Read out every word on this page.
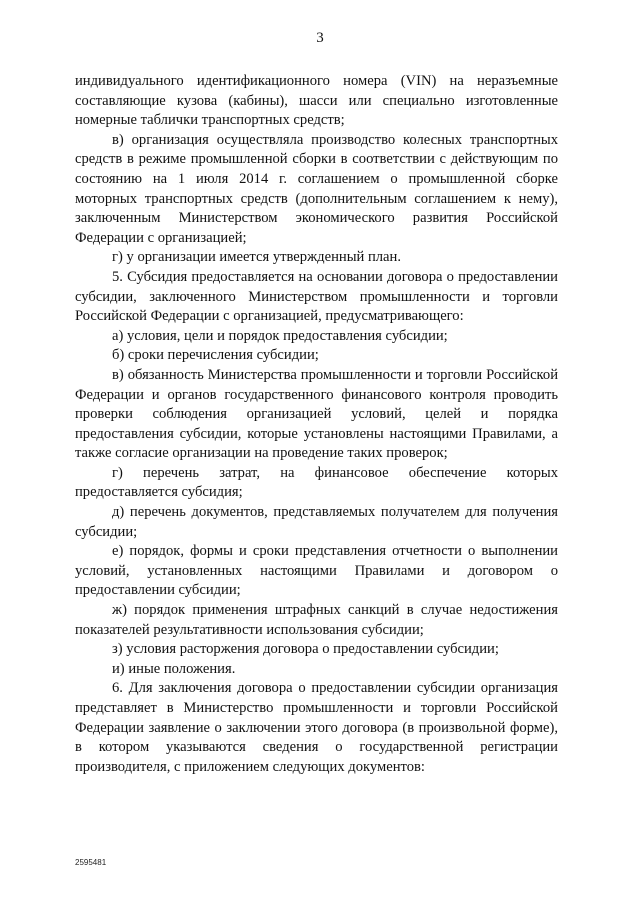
3

индивидуального идентификационного номера (VIN) на неразъемные составляющие кузова (кабины), шасси или специально изготовленные номерные таблички транспортных средств;

в) организация осуществляла производство колесных транспортных средств в режиме промышленной сборки в соответствии с действующим по состоянию на 1 июля 2014 г. соглашением о промышленной сборке моторных транспортных средств (дополнительным соглашением к нему), заключенным Министерством экономического развития Российской Федерации с организацией;

г) у организации имеется утвержденный план.

5. Субсидия предоставляется на основании договора о предоставлении субсидии, заключенного Министерством промышленности и торговли Российской Федерации с организацией, предусматривающего:

а) условия, цели и порядок предоставления субсидии;

б) сроки перечисления субсидии;

в) обязанность Министерства промышленности и торговли Российской Федерации и органов государственного финансового контроля проводить проверки соблюдения организацией условий, целей и порядка предоставления субсидии, которые установлены настоящими Правилами, а также согласие организации на проведение таких проверок;

г) перечень затрат, на финансовое обеспечение которых предоставляется субсидия;

д) перечень документов, представляемых получателем для получения субсидии;

е) порядок, формы и сроки представления отчетности о выполнении условий, установленных настоящими Правилами и договором о предоставлении субсидии;

ж) порядок применения штрафных санкций в случае недостижения показателей результативности использования субсидии;

з) условия расторжения договора о предоставлении субсидии;

и) иные положения.

6. Для заключения договора о предоставлении субсидии организация представляет в Министерство промышленности и торговли Российской Федерации заявление о заключении этого договора (в произвольной форме), в котором указываются сведения о государственной регистрации производителя, с приложением следующих документов:

2595481
